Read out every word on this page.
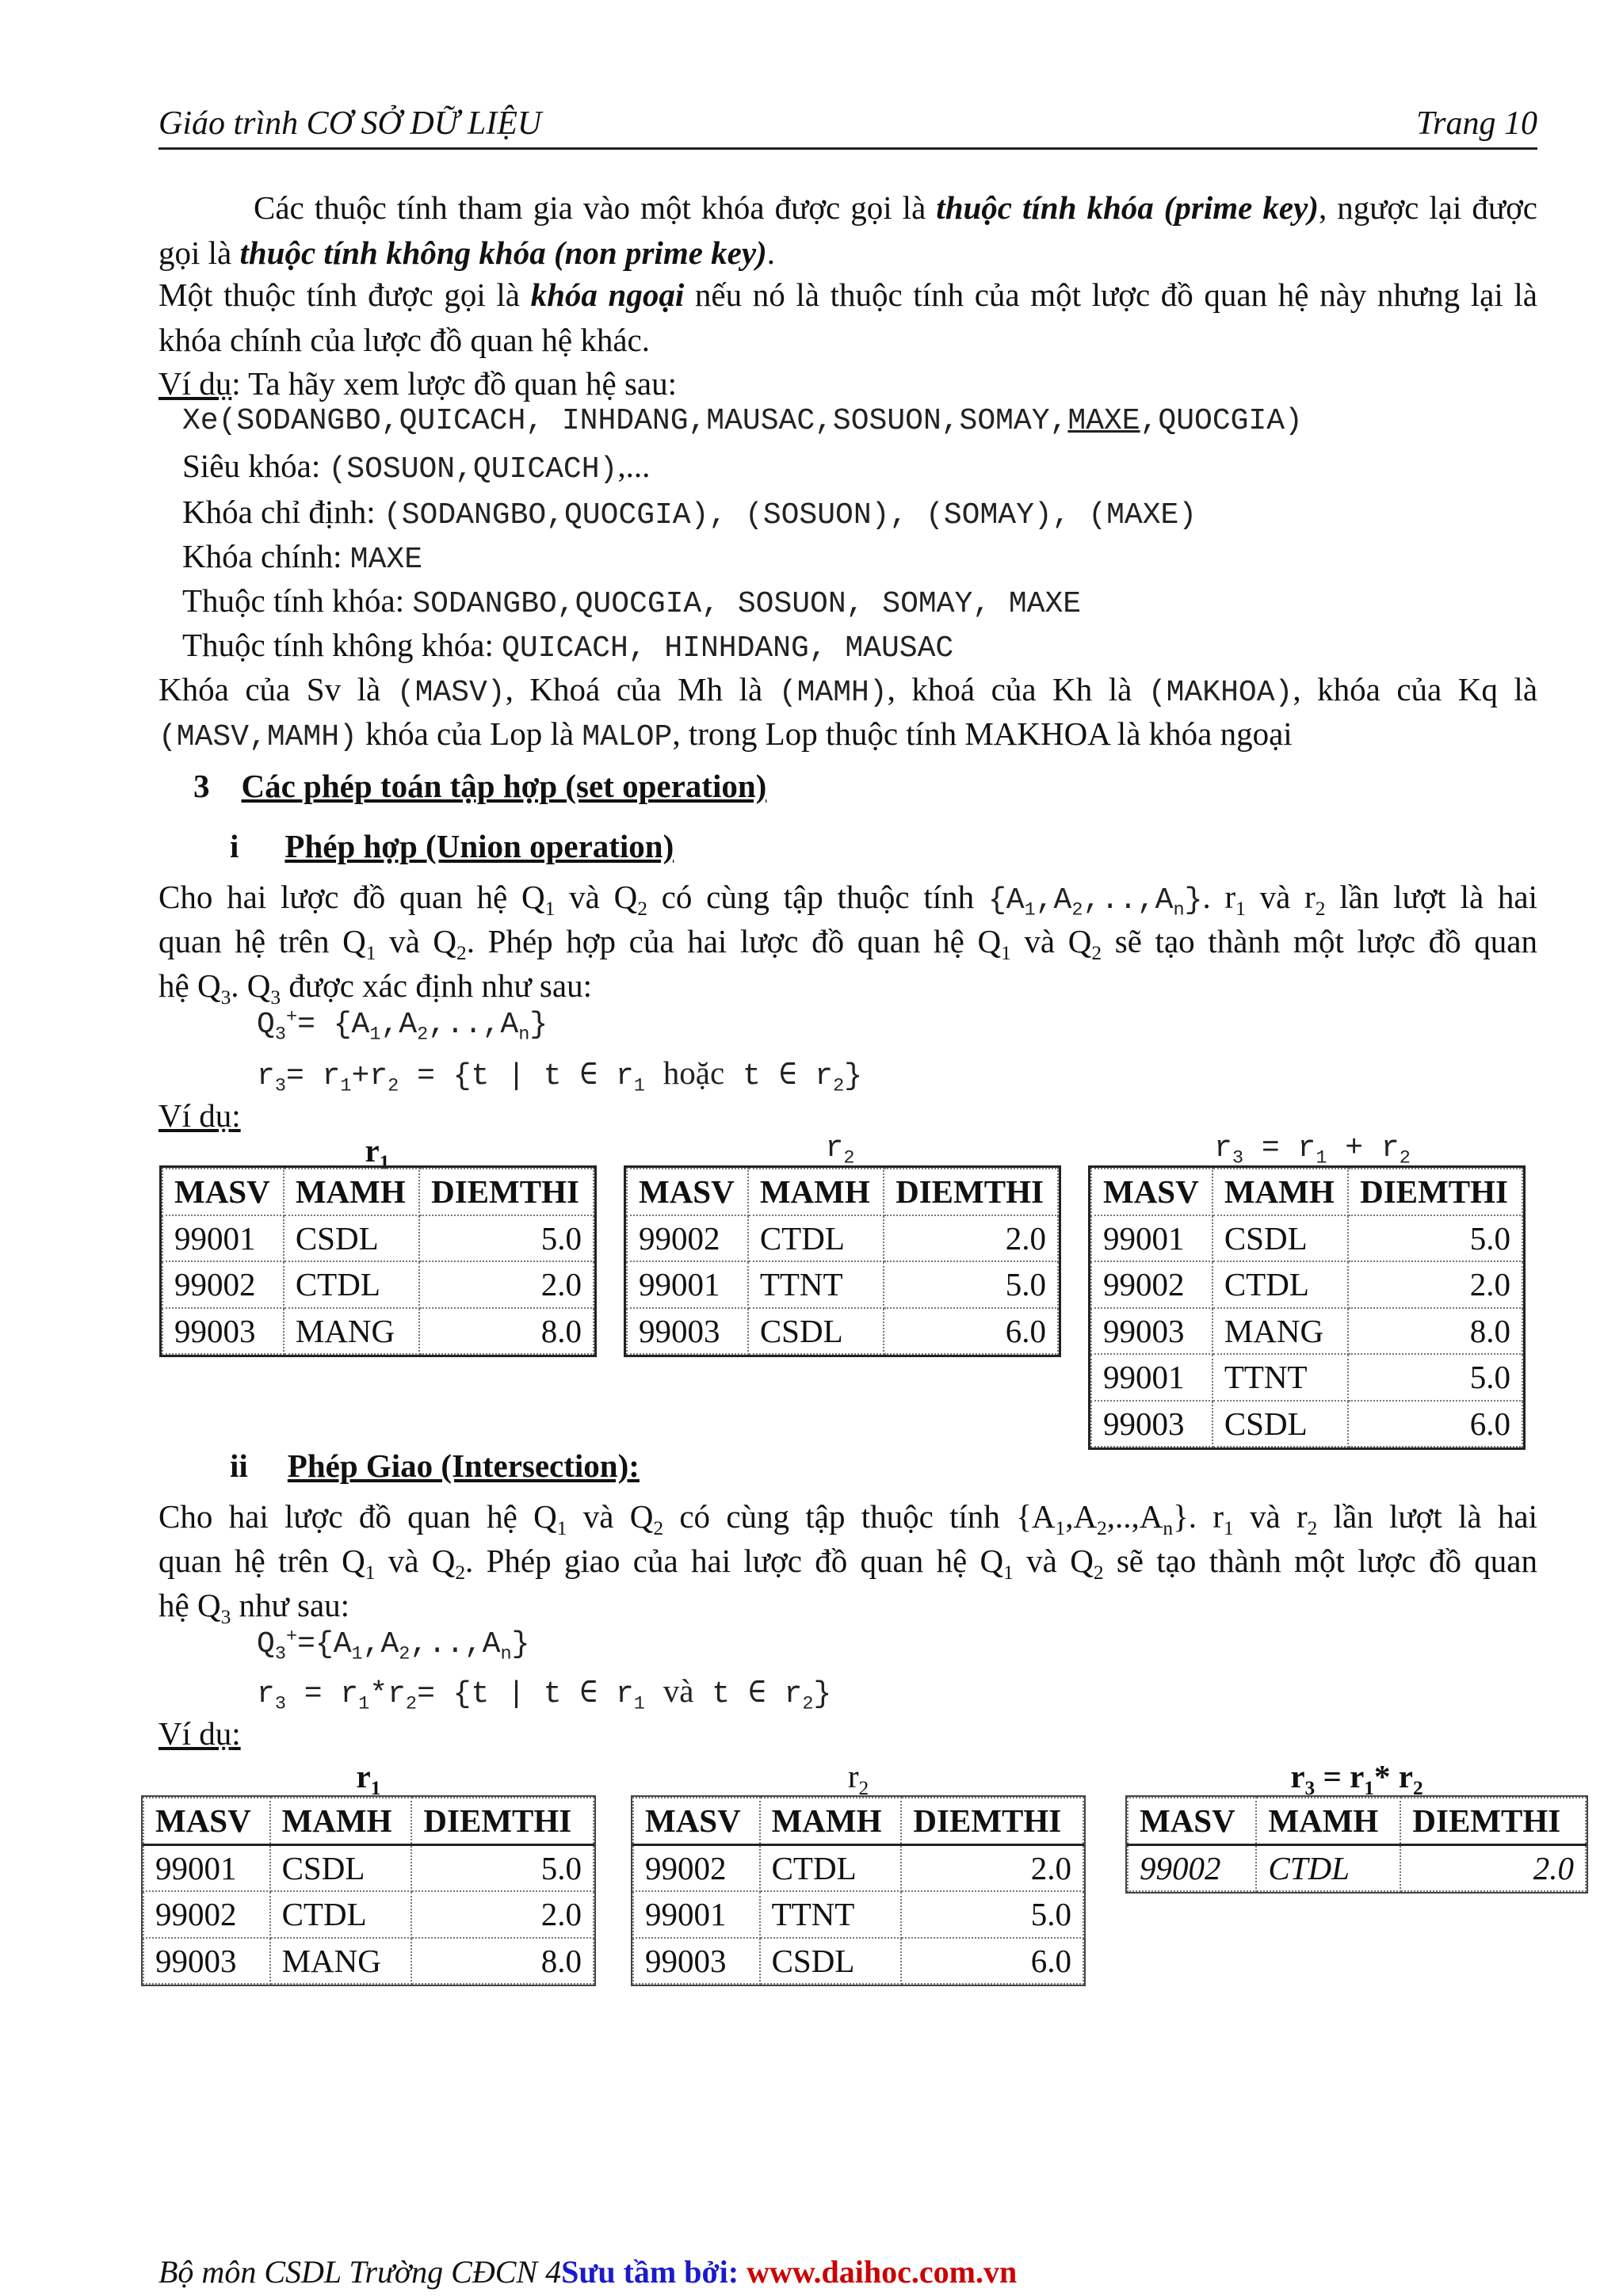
Giáo trình CƠ SỞ DỮ LIỆU	Trang 10
Các thuộc tính tham gia vào một khóa được gọi là thuộc tính khóa (prime key), ngược lại được gọi là thuộc tính không khóa (non prime key).
Một thuộc tính được gọi là khóa ngoại nếu nó là thuộc tính của một lược đồ quan hệ này nhưng lại là khóa chính của lược đồ quan hệ khác.
Ví dụ: Ta hãy xem lược đồ quan hệ sau:
Xe(SODANGBO,QUICACH, INHDANG,MAUSAC,SOSUON,SOMAY,MAXE,QUOCGIA)
Siêu khóa: (SOSUON,QUICACH),...
Khóa chỉ định: (SODANGBO,QUOCGIA), (SOSUON), (SOMAY), (MAXE)
Khóa chính: MAXE
Thuộc tính khóa: SODANGBO,QUOCGIA, SOSUON, SOMAY, MAXE
Thuộc tính không khóa: QUICACH, HINHDANG, MAUSAC
Khóa của Sv là (MASV), Khoá của Mh là (MAMH), khoá của Kh là (MAKHOA), khóa của Kq là
(MASV,MAMH) khóa của Lop là MALOP, trong Lop thuộc tính MAKHOA là khóa ngoại
3 Các phép toán tập hợp (set operation)
i Phép hợp (Union operation)
Cho hai lược đồ quan hệ $Q_1$ và $Q_2$ có cùng tập thuộc tính $\{A_1,A_2,..,A_n\}$. $r_1$ và $r_2$ lần lượt là hai
quan hệ trên $Q_1$ và $Q_2$. Phép hợp của hai lược đồ quan hệ $Q_1$ và $Q_2$ sẽ tạo thành một lược đồ quan
hệ $Q_3$. $Q_3$ được xác định như sau:
$Q_3^+= \{A_1,A_2,..,A_n\}$
$r_3= r_1+r_2 = \{t$ | t ∈ $r_1$ hoặc t ∈ $r_2$}
Ví dụ:
$r_1$	$r_2$	$r_3 = r_1 + r_2$
MASV	MAMH	DIEMTHI
99001	CSDL	5.0
99002	CTDL	2.0
99003	MANG	8.0
MASV	MAMH	DIEMTHI
99002	CTDL	2.0
99001	TTNT	5.0
99003	CSDL	6.0
MASV	MAMH	DIEMTHI
99001	CSDL	5.0
99002	CTDL	2.0
99003	MANG	8.0
99001	TTNT	5.0
99003	CSDL	6.0
ii Phép Giao (Intersection):
Cho hai lược đồ quan hệ $Q_1$ và $Q_2$ có cùng tập thuộc tính $\{A_1,A_2,..,A_n\}$. $r_1$ và $r_2$ lần lượt là hai
quan hệ trên $Q_1$ và $Q_2$. Phép giao của hai lược đồ quan hệ $Q_1$ và $Q_2$ sẽ tạo thành một lược đồ quan
hệ $Q_3$ như sau:
$Q_3^+=\{A_1,A_2,..,A_n\}$
$r_3 = r_1*r_2= \{t$ | t ∈ $r_1$ và t ∈ $r_2$}
Ví dụ:
$r_1$	$r_2$	$r_3 = r_1*$ $r_2$
MASV	MAMH	DIEMTHI
99001	CSDL	5.0
99002	CTDL	2.0
99003	MANG	8.0
MASV	MAMH	DIEMTHI
99002	CTDL	2.0
99001	TTNT	5.0
99003	CSDL	6.0
MASV	MAMH	DIEMTHI
99002	CTDL	2.0
Bộ môn CSDL Trường CĐCN 4Sưu tầm bởi: www.daihoc.com.vn
